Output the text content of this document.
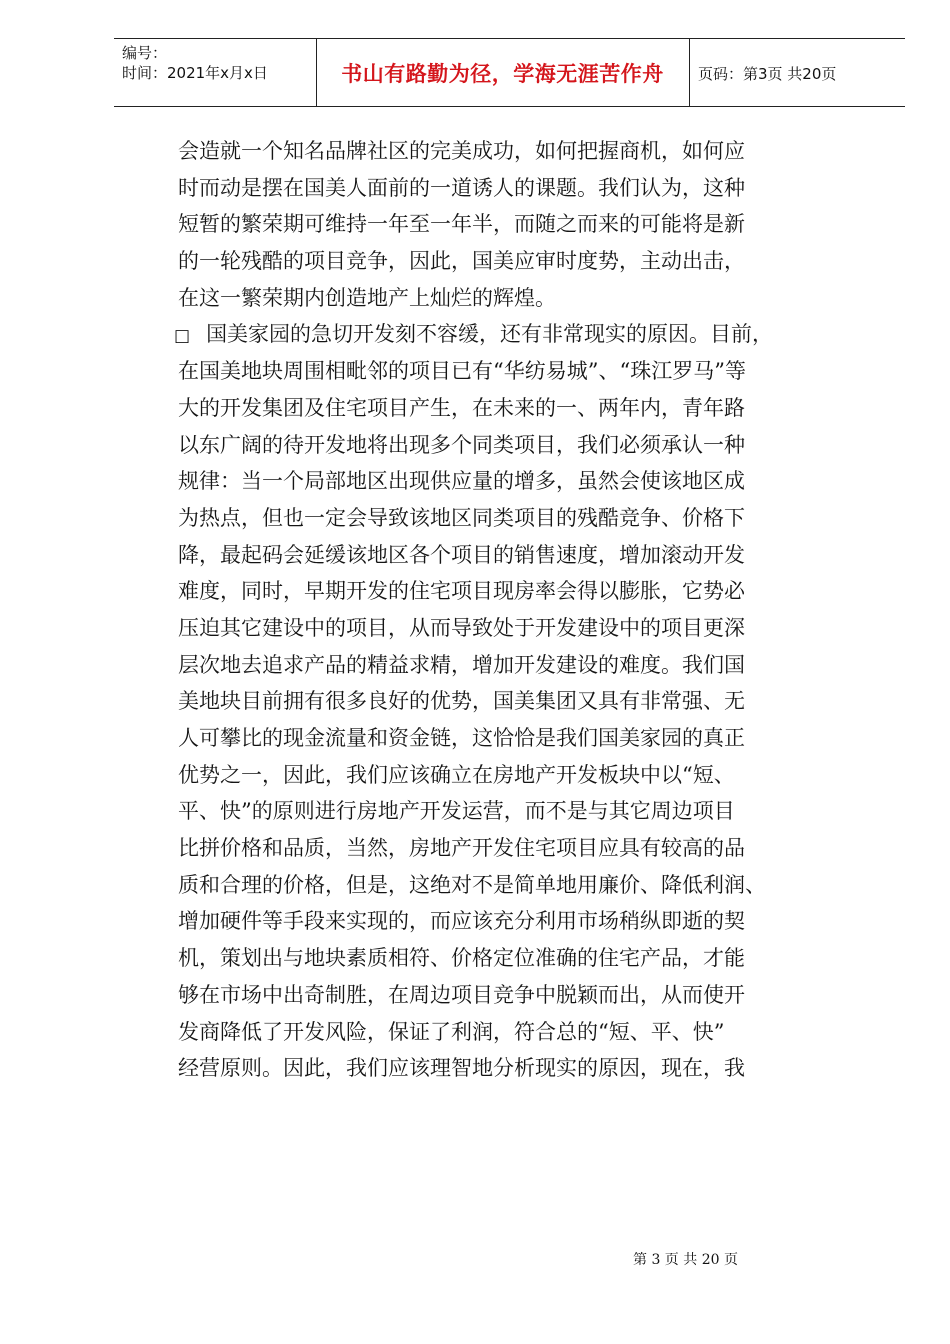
编号：
时间：2021年x月x日	书山有路勤为径，学海无涯苦作舟	页码：第3页 共20页
会造就一个知名品牌社区的完美成功，如何把握商机，如何应
时而动是摆在国美人面前的一道诱人的课题。我们认为，这种
短暂的繁荣期可维持一年至一年半，而随之而来的可能将是新
的一轮残酷的项目竞争，因此，国美应审时度势，主动出击，
在这一繁荣期内创造地产上灿烂的辉煌。
□ 国美家园的急切开发刻不容缓，还有非常现实的原因。目前，
在国美地块周围相毗邻的项目已有“华纺易城”、“珠江罗马”等
大的开发集团及住宅项目产生，在未来的一、两年内，青年路
以东广阔的待开发地将出现多个同类项目，我们必须承认一种
规律：当一个局部地区出现供应量的增多，虽然会使该地区成
为热点，但也一定会导致该地区同类项目的残酷竞争、价格下
降，最起码会延缓该地区各个项目的销售速度，增加滚动开发
难度，同时，早期开发的住宅项目现房率会得以膨胀，它势必
压迫其它建设中的项目，从而导致处于开发建设中的项目更深
层次地去追求产品的精益求精，增加开发建设的难度。我们国
美地块目前拥有很多良好的优势，国美集团又具有非常强、无
人可攀比的现金流量和资金链，这恰恰是我们国美家园的真正
优势之一，因此，我们应该确立在房地产开发板块中以“短、
平、快”的原则进行房地产开发运营，而不是与其它周边项目
比拼价格和品质，当然，房地产开发住宅项目应具有较高的品
质和合理的价格，但是，这绝对不是简单地用廉价、降低利润、
增加硬件等手段来实现的，而应该充分利用市场稍纵即逝的契
机，策划出与地块素质相符、价格定位准确的住宅产品，才能
够在市场中出奇制胜，在周边项目竞争中脱颖而出，从而使开
发商降低了开发风险，保证了利润，符合总的“短、平、快”
经营原则。因此，我们应该理智地分析现实的原因，现在，我
第 3 页 共 20 页
